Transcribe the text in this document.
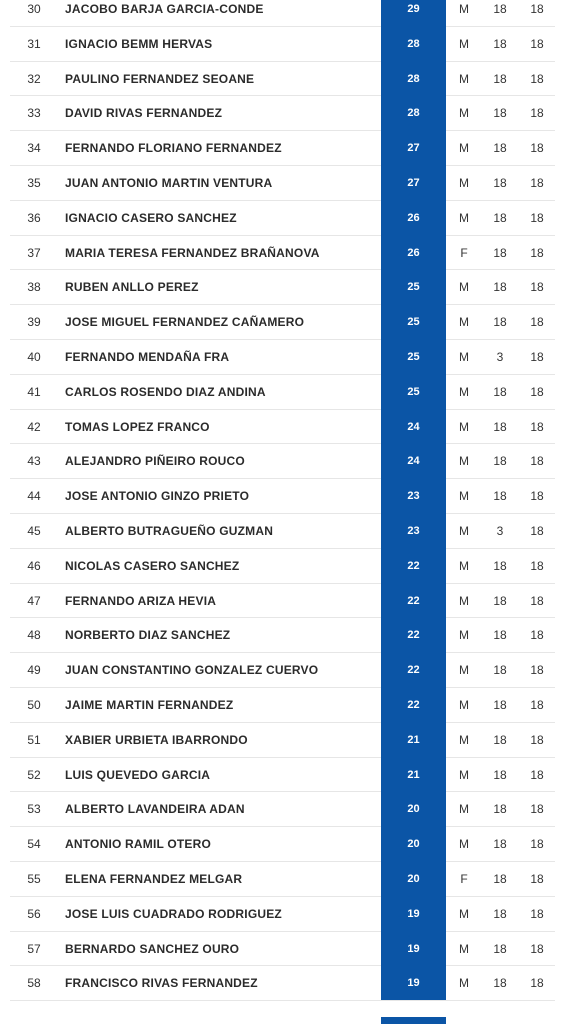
30	JACOBO BARJA GARCIA-CONDE	29	M	18	18
31	IGNACIO BEMM HERVAS	28	M	18	18
32	PAULINO FERNANDEZ SEOANE	28	M	18	18
33	DAVID RIVAS FERNANDEZ	28	M	18	18
34	FERNANDO FLORIANO FERNANDEZ	27	M	18	18
35	JUAN ANTONIO MARTIN VENTURA	27	M	18	18
36	IGNACIO CASERO SANCHEZ	26	M	18	18
37	MARIA TERESA FERNANDEZ BRAÑANOVA	26	F	18	18
38	RUBEN ANLLO PEREZ	25	M	18	18
39	JOSE MIGUEL FERNANDEZ CAÑAMERO	25	M	18	18
40	FERNANDO MENDAÑA FRA	25	M	3	18
41	CARLOS ROSENDO DIAZ ANDINA	25	M	18	18
42	TOMAS LOPEZ FRANCO	24	M	18	18
43	ALEJANDRO PIÑEIRO ROUCO	24	M	18	18
44	JOSE ANTONIO GINZO PRIETO	23	M	18	18
45	ALBERTO BUTRAGUEÑO GUZMAN	23	M	3	18
46	NICOLAS CASERO SANCHEZ	22	M	18	18
47	FERNANDO ARIZA HEVIA	22	M	18	18
48	NORBERTO DIAZ SANCHEZ	22	M	18	18
49	JUAN CONSTANTINO GONZALEZ CUERVO	22	M	18	18
50	JAIME MARTIN FERNANDEZ	22	M	18	18
51	XABIER URBIETA IBARRONDO	21	M	18	18
52	LUIS QUEVEDO GARCIA	21	M	18	18
53	ALBERTO LAVANDEIRA ADAN	20	M	18	18
54	ANTONIO RAMIL OTERO	20	M	18	18
55	ELENA FERNANDEZ MELGAR	20	F	18	18
56	JOSE LUIS CUADRADO RODRIGUEZ	19	M	18	18
57	BERNARDO SANCHEZ OURO	19	M	18	18
58	FRANCISCO RIVAS FERNANDEZ	19	M	18	18
